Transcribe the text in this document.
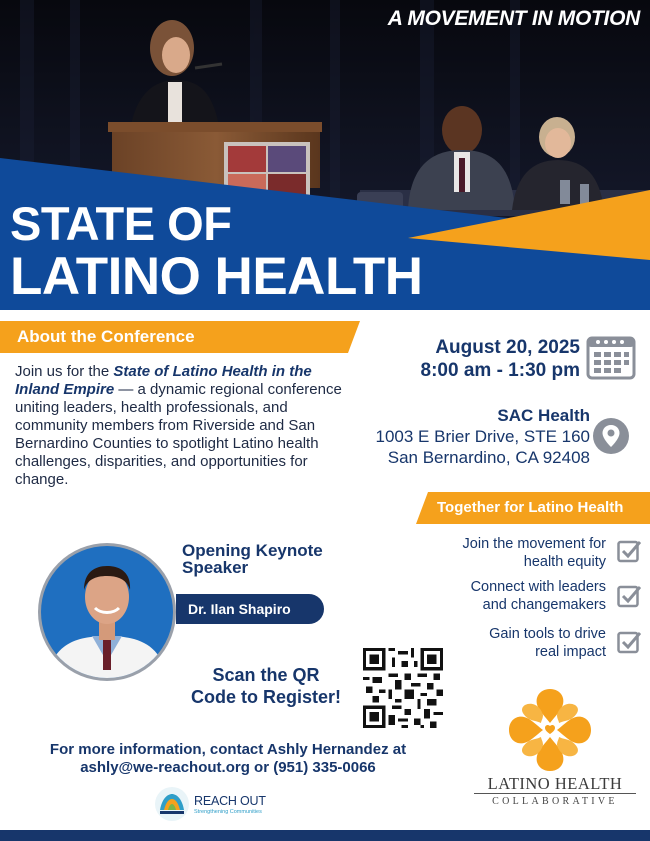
A MOVEMENT IN MOTION
STATE OF
LATINO HEALTH
About the Conference
Join us for the State of Latino Health in the Inland Empire — a dynamic regional conference uniting leaders, health professionals, and community members from Riverside and San Bernardino Counties to spotlight Latino health challenges, disparities, and opportunities for change.
August 20, 2025
8:00 am - 1:30 pm
SAC Health
1003 E Brier Drive, STE 160
San Bernardino, CA 92408
Together for Latino Health
Join the movement for
health equity
Connect with leaders
and changemakers
Gain tools to drive
real impact
Opening Keynote
Speaker
Dr. Ilan Shapiro
Scan the QR
Code to Register!
For more information, contact Ashly Hernandez at
ashly@we-reachout.org or (951) 335-0066
REACH OUT
Strengthening Communities
LATINO HEALTH
COLLABORATIVE
